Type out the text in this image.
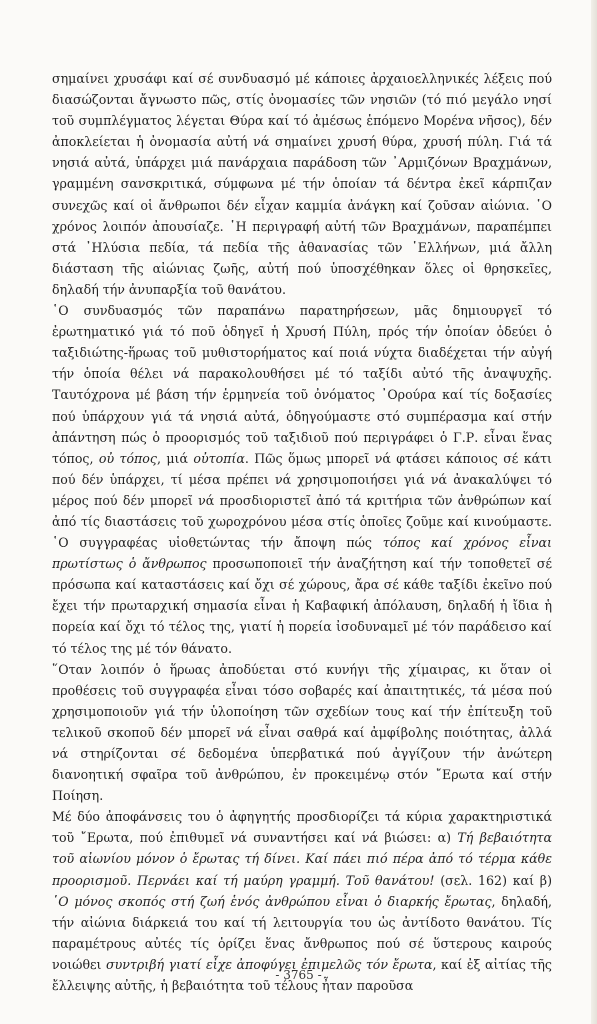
σημαίνει χρυσάφι καί σέ συνδυασμό μέ κάποιες ἀρχαιοελληνικές λέξεις πού διασώζονται ἄγνωστο πῶς, στίς ὀνομασίες τῶν νησιῶν (τό πιό μεγάλο νησί τοῦ συμπλέγματος λέγεται Θύρα καί τό ἀμέσως ἑπόμενο Μορένα νῆσος), δέν ἀποκλείεται ἡ ὀνομασία αὐτή νά σημαίνει χρυσή θύρα, χρυσή πύλη. Γιά τά νησιά αὐτά, ὑπάρχει μιά πανάρχαια παράδοση τῶν ᾿Αρμιζόνων Βραχμάνων, γραμμένη σανσκριτικά, σύμφωνα μέ τήν ὁποίαν τά δέντρα ἐκεῖ κάρπιζαν συνεχῶς καί οἱ ἄνθρωποι δέν εἶχαν καμμία ἀνάγκη καί ζοῦσαν αἰώνια. ῾Ο χρόνος λοιπόν ἀπουσίαζε. ῾Η περιγραφή αὐτή τῶν Βραχμάνων, παραπέμπει στά ᾿Ηλύσια πεδία, τά πεδία τῆς ἀθανασίας τῶν ῾Ελλήνων, μιά ἄλλη διάσταση τῆς αἰώνιας ζωῆς, αὐτή πού ὑποσχέθηκαν ὅλες οἱ θρησκεῖες, δηλαδή τήν ἀνυπαρξία τοῦ θανάτου.

῾Ο συνδυασμός τῶν παραπάνω παρατηρήσεων, μᾶς δημιουργεῖ τό ἐρωτηματικό γιά τό ποῦ ὁδηγεῖ ἡ Χρυσή Πύλη, πρός τήν ὁποίαν ὁδεύει ὁ ταξιδιώτης-ἥρωας τοῦ μυθιστορήματος καί ποιά νύχτα διαδέχεται τήν αὐγή τήν ὁποία θέλει νά παρακολουθήσει μέ τό ταξίδι αὐτό τῆς ἀναψυχῆς. Ταυτόχρονα μέ βάση τήν ἑρμηνεία τοῦ ὀνόματος ᾿Ορούρα καί τίς δοξασίες πού ὑπάρχουν γιά τά νησιά αὐτά, ὁδηγούμαστε στό συμπέρασμα καί στήν ἀπάντηση πώς ὁ προορισμός τοῦ ταξιδιοῦ πού περιγράφει ὁ Γ.Ρ. εἶναι ἕνας τόπος, οὐ τόπος, μιά οὐτοπία. Πῶς ὅμως μπορεῖ νά φτάσει κάποιος σέ κάτι πού δέν ὑπάρχει, τί μέσα πρέπει νά χρησιμοποιήσει γιά νά ἀνακαλύψει τό μέρος πού δέν μπορεῖ νά προσδιοριστεῖ ἀπό τά κριτήρια τῶν ἀνθρώπων καί ἀπό τίς διαστάσεις τοῦ χωροχρόνου μέσα στίς ὁποῖες ζοῦμε καί κινούμαστε. ῾Ο συγγραφέας υἱοθετώντας τήν ἄποψη πώς τόπος καί χρόνος εἶναι πρωτίστως ὁ ἄνθρωπος προσωποποιεῖ τήν ἀναζήτηση καί τήν τοποθετεῖ σέ πρόσωπα καί καταστάσεις καί ὄχι σέ χώρους, ἄρα σέ κάθε ταξίδι ἐκεῖνο πού ἔχει τήν πρωταρχική σημασία εἶναι ἡ Καβαφική ἀπόλαυση, δηλαδή ἡ ἴδια ἡ πορεία καί ὄχι τό τέλος της, γιατί ἡ πορεία ἰσοδυναμεῖ μέ τόν παράδεισο καί τό τέλος της μέ τόν θάνατο.

῞Οταν λοιπόν ὁ ἥρωας ἀποδύεται στό κυνήγι τῆς χίμαιρας, κι ὅταν οἱ προθέσεις τοῦ συγγραφέα εἶναι τόσο σοβαρές καί ἀπαιτητικές, τά μέσα πού χρησιμοποιοῦν γιά τήν ὑλοποίηση τῶν σχεδίων τους καί τήν ἐπίτευξη τοῦ τελικοῦ σκοποῦ δέν μπορεῖ νά εἶναι σαθρά καί ἀμφίβολης ποιότητας, ἀλλά νά στηρίζονται σέ δεδομένα ὑπερβατικά πού ἀγγίζουν τήν ἀνώτερη διανοητική σφαῖρα τοῦ ἀνθρώπου, ἐν προκειμένῳ στόν ῎Ερωτα καί στήν Ποίηση.

Μέ δύο ἀποφάνσεις του ὁ ἀφηγητής προσδιορίζει τά κύρια χαρακτηριστικά τοῦ ῎Ερωτα, πού ἐπιθυμεῖ νά συναντήσει καί νά βιώσει: α) Τή βεβαιότητα τοῦ αἰωνίου μόνον ὁ ἔρωτας τή δίνει. Καί πάει πιό πέρα ἀπό τό τέρμα κάθε προορισμοῦ. Περνάει καί τή μαύρη γραμμή. Τοῦ θανάτου! (σελ. 162) καί β) ῾Ο μόνος σκοπός στή ζωή ἑνός ἀνθρώπου εἶναι ὁ διαρκής ἔρωτας, δηλαδή, τήν αἰώνια διάρκειά του καί τή λειτουργία του ὡς ἀντίδοτο θανάτου. Τίς παραμέτρους αὐτές τίς ὁρίζει ἕνας ἄνθρωπος πού σέ ὕστερους καιρούς νοιώθει συντριβή γιατί εἶχε ἀποφύγει ἐπιμελῶς τόν ἔρωτα, καί ἐξ αἰτίας τῆς ἔλλειψης αὐτῆς, ἡ βεβαιότητα τοῦ τέλους ἦταν παροῦσα

- 3765 -
